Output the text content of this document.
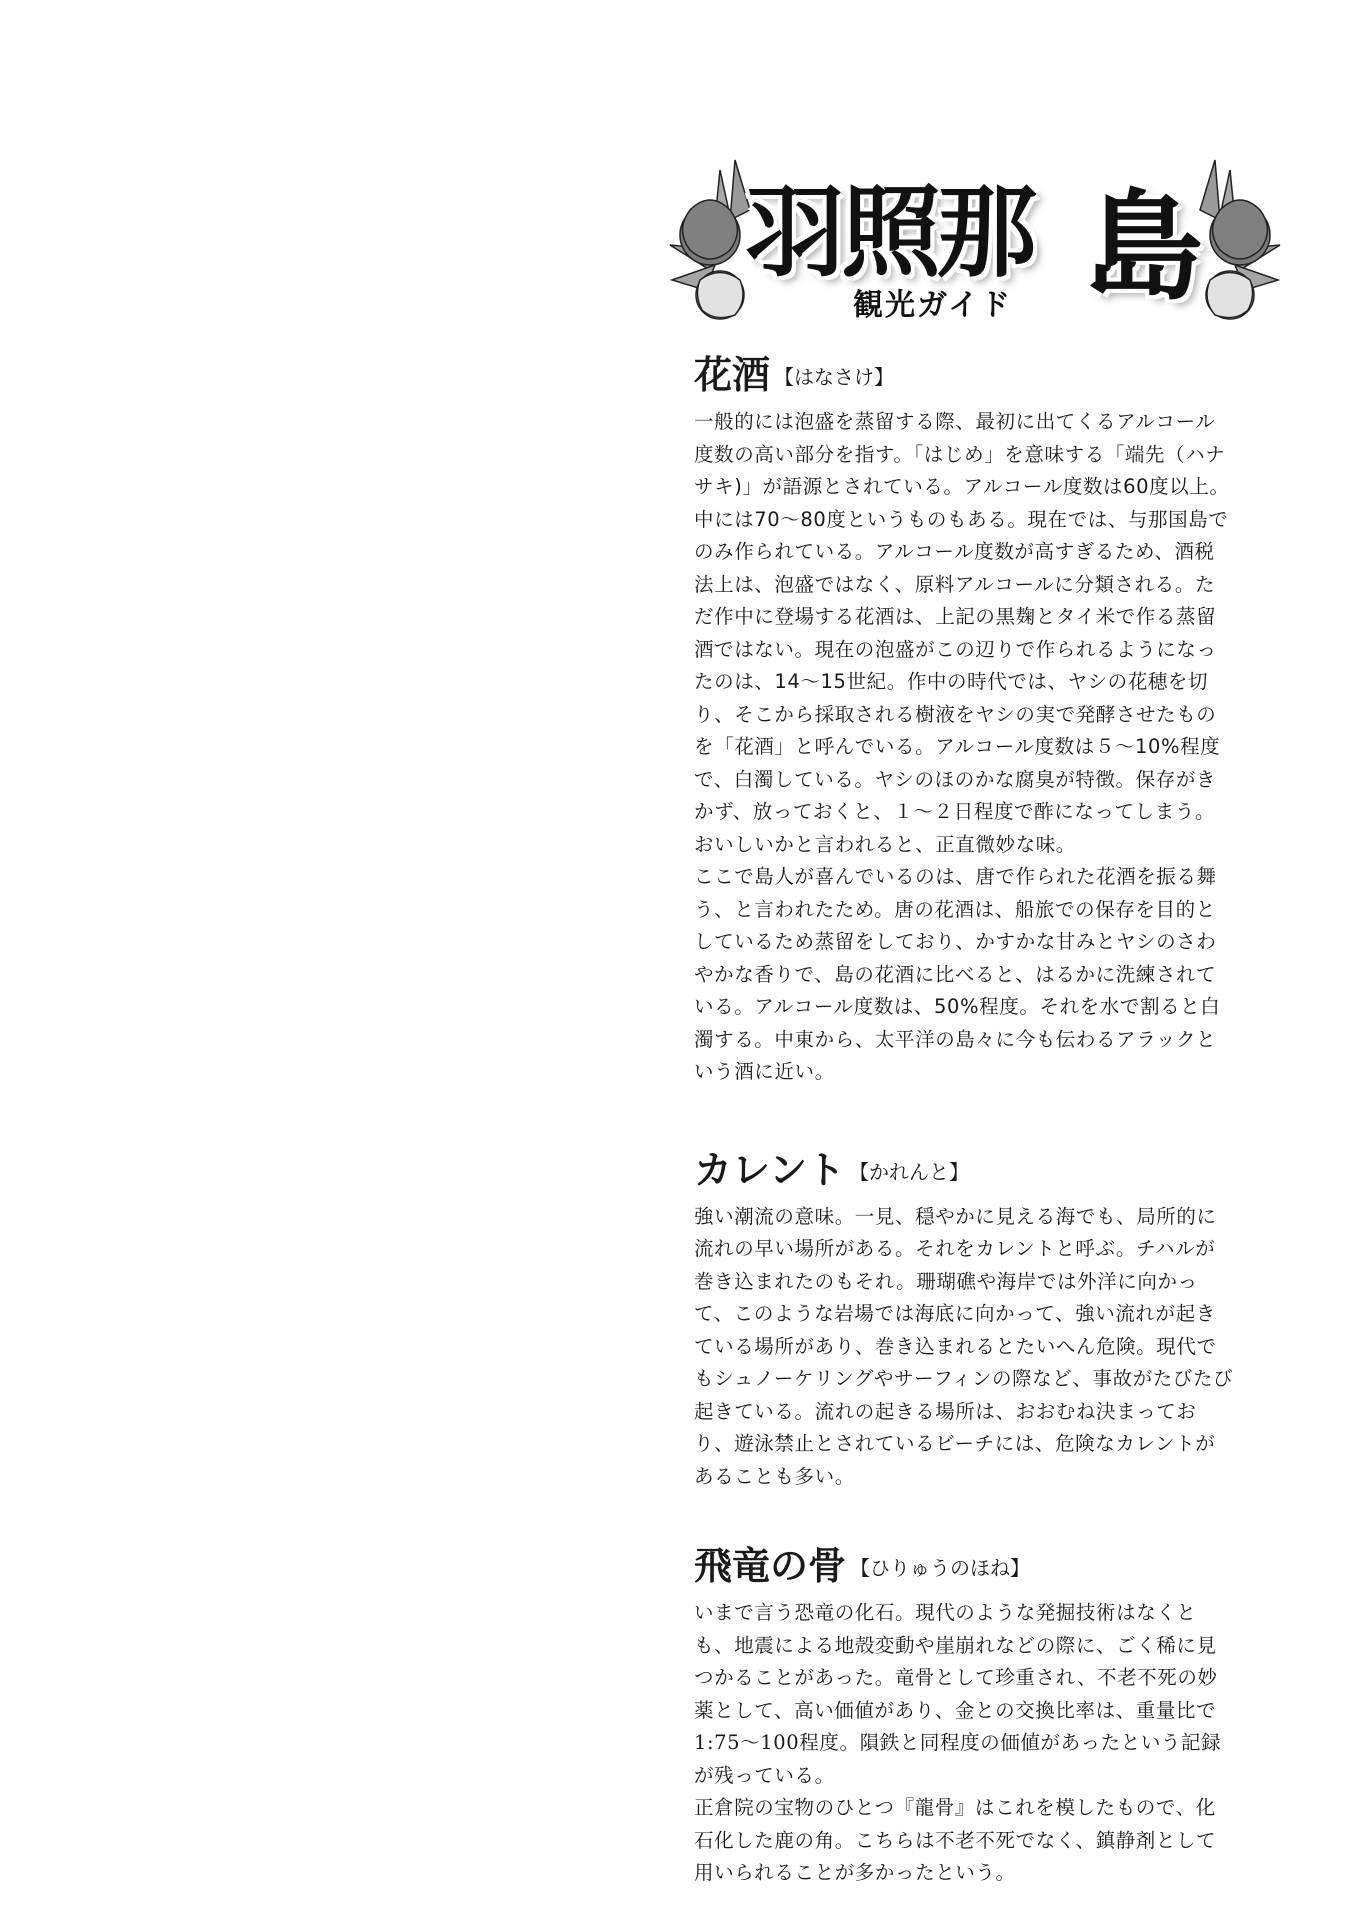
羽照那 島
観光ガイド
花酒 【はなさけ】

一般的には泡盛を蒸留する際、最初に出てくるアルコール度数の高い部分を指す。「はじめ」を意味する「端先（ハナサキ)」が語源とされている。アルコール度数は60度以上。中には70〜80度というものもある。現在では、与那国島でのみ作られている。アルコール度数が高すぎるため、酒税法上は、泡盛ではなく、原料アルコールに分類される。ただ作中に登場する花酒は、上記の黒麹とタイ米で作る蒸留酒ではない。現在の泡盛がこの辺りで作られるようになったのは、14〜15世紀。作中の時代では、ヤシの花穂を切り、そこから採取される樹液をヤシの実で発酵させたものを「花酒」と呼んでいる。アルコール度数は５〜10%程度で、白濁している。ヤシのほのかな腐臭が特徴。保存がきかず、放っておくと、１〜２日程度で酢になってしまう。おいしいかと言われると、正直微妙な味。

ここで島人が喜んでいるのは、唐で作られた花酒を振る舞う、と言われたため。唐の花酒は、船旅での保存を目的としているため蒸留をしており、かすかな甘みとヤシのさわやかな香りで、島の花酒に比べると、はるかに洗練されている。アルコール度数は、50%程度。それを水で割ると白濁する。中東から、太平洋の島々に今も伝わるアラックという酒に近い。

カレント 【かれんと】

強い潮流の意味。一見、穏やかに見える海でも、局所的に流れの早い場所がある。それをカレントと呼ぶ。チハルが巻き込まれたのもそれ。珊瑚礁や海岸では外洋に向かって、このような岩場では海底に向かって、強い流れが起きている場所があり、巻き込まれるとたいへん危険。現代でもシュノーケリングやサーフィンの際など、事故がたびたび起きている。流れの起きる場所は、おおむね決まっており、遊泳禁止とされているビーチには、危険なカレントがあることも多い。

飛竜の骨 【ひりゅうのほね】

いまで言う恐竜の化石。現代のような発掘技術はなくとも、地震による地殻変動や崖崩れなどの際に、ごく稀に見つかることがあった。竜骨として珍重され、不老不死の妙薬として、高い価値があり、金との交換比率は、重量比で1:75〜100程度。隕鉄と同程度の価値があったという記録が残っている。

正倉院の宝物のひとつ『龍骨』はこれを模したもので、化石化した鹿の角。こちらは不老不死でなく、鎮静剤として用いられることが多かったという。
